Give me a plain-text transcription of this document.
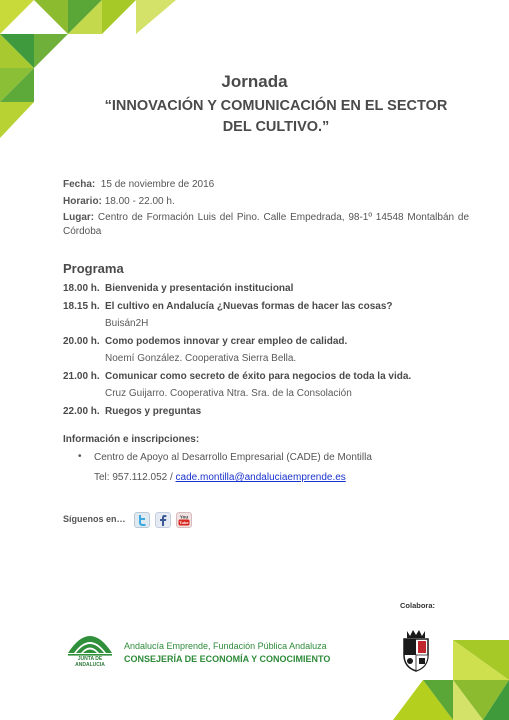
Jornada
“INNOVACIÓN Y COMUNICACIÓN EN EL SECTOR DEL CULTIVO.”
Fecha: 15 de noviembre de 2016
Horario: 18.00 - 22.00 h.
Lugar: Centro de Formación Luis del Pino. Calle Empedrada, 98-1º 14548 Montalbán de Córdoba
Programa
18.00 h. Bienvenida y presentación institucional
18.15 h. El cultivo en Andalucía ¿Nuevas formas de hacer las cosas?
Buisán2H
20.00 h. Como podemos innovar y crear empleo de calidad.
Noemí González. Cooperativa Sierra Bella.
21.00 h. Comunicar como secreto de éxito para negocios de toda la vida.
Cruz Guijarro. Cooperativa Ntra. Sra. de la Consolación
22.00 h. Ruegos y preguntas
Información e inscripciones:
• Centro de Apoyo al Desarrollo Empresarial (CADE) de Montilla
Tel: 957.112.052 / cade.montilla@andaluciaemprende.es
Síguenos en…	You
Tube
Colabora:
JUNTA DE ANDALUCIA
Andalucía Emprende, Fundación Pública Andaluza
CONSEJERÍA DE ECONOMÍA Y CONOCIMIENTO
